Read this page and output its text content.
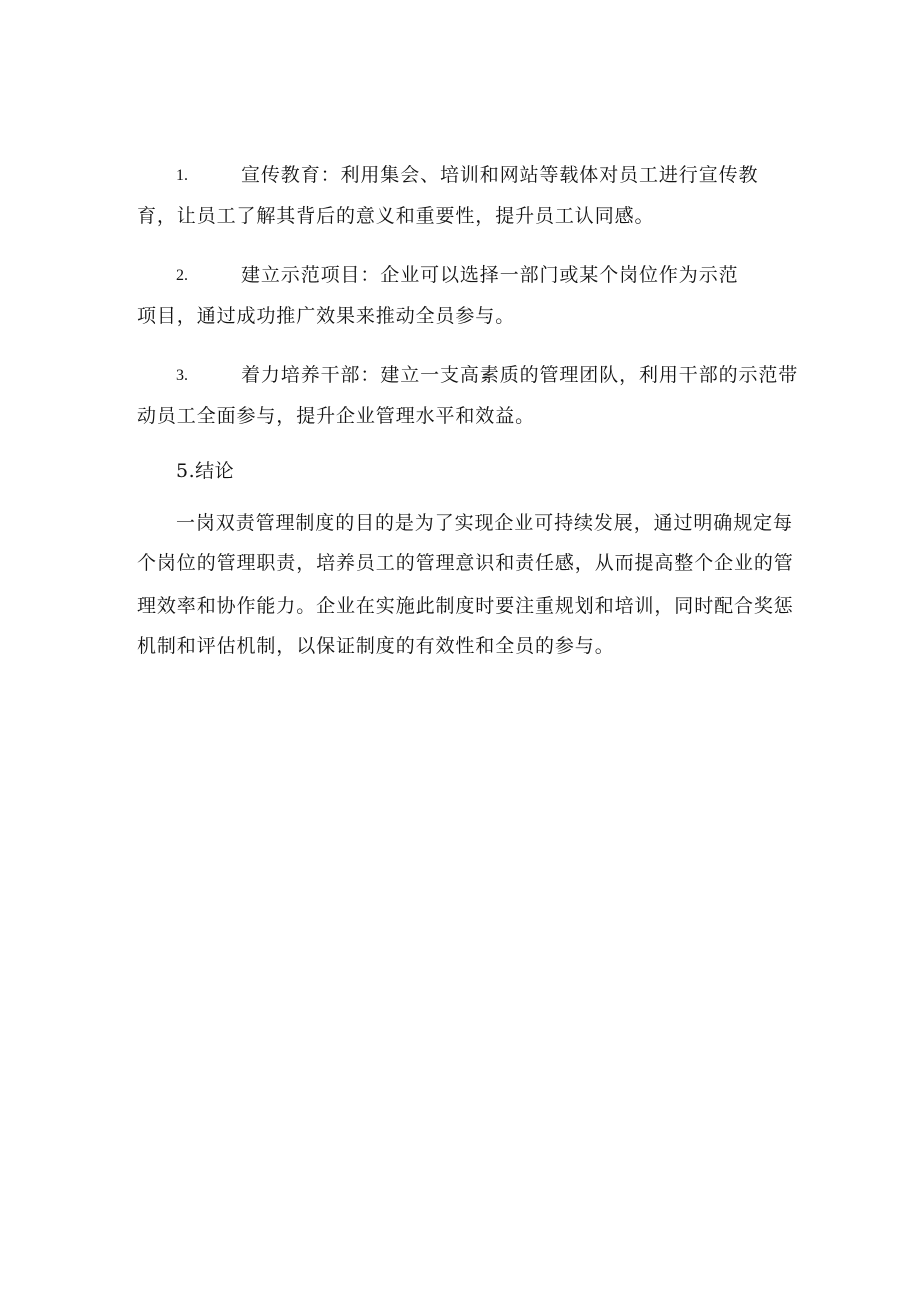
1.	宣传教育：利用集会、培训和网站等载体对员工进行宣传教
育，让员工了解其背后的意义和重要性，提升员工认同感。
2.	建立示范项目：企业可以选择一部门或某个岗位作为示范
项目，通过成功推广效果来推动全员参与。
3.	着力培养干部：建立一支高素质的管理团队，利用干部的示范带
动员工全面参与，提升企业管理水平和效益。
5.结论
一岗双责管理制度的目的是为了实现企业可持续发展，通过明确规定每
个岗位的管理职责，培养员工的管理意识和责任感，从而提高整个企业的管
理效率和协作能力。企业在实施此制度时要注重规划和培训，同时配合奖惩
机制和评估机制，以保证制度的有效性和全员的参与。
